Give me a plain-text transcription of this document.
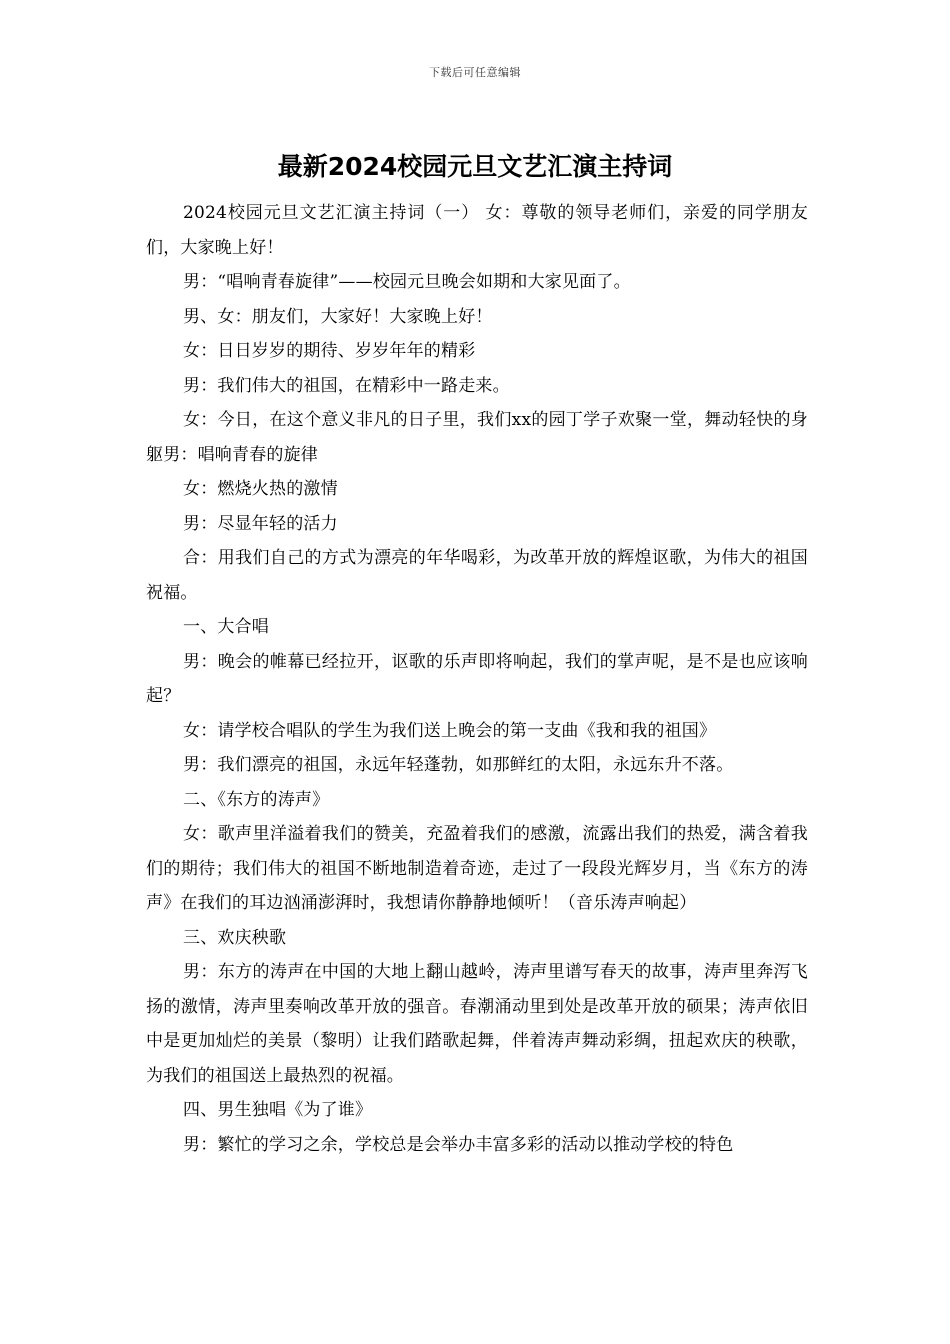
下载后可任意编辑
最新2024校园元旦文艺汇演主持词

2024校园元旦文艺汇演主持词（一） 女：尊敬的领导老师们，亲爱的同学朋友们，大家晚上好！

男：“唱响青春旋律”——校园元旦晚会如期和大家见面了。

男、女：朋友们，大家好！大家晚上好！

女：日日岁岁的期待、岁岁年年的精彩

男：我们伟大的祖国，在精彩中一路走来。

女：今日，在这个意义非凡的日子里，我们xx的园丁学子欢聚一堂，舞动轻快的身躯男：唱响青春的旋律

女：燃烧火热的激情

男：尽显年轻的活力

合：用我们自己的方式为漂亮的年华喝彩，为改革开放的辉煌讴歌，为伟大的祖国祝福。

一、大合唱

男：晚会的帷幕已经拉开，讴歌的乐声即将响起，我们的掌声呢，是不是也应该响起？

女：请学校合唱队的学生为我们送上晚会的第一支曲《我和我的祖国》

男：我们漂亮的祖国，永远年轻蓬勃，如那鲜红的太阳，永远东升不落。

二、《东方的涛声》

女：歌声里洋溢着我们的赞美，充盈着我们的感激，流露出我们的热爱，满含着我们的期待；我们伟大的祖国不断地制造着奇迹，走过了一段段光辉岁月，当《东方的涛声》在我们的耳边汹涌澎湃时，我想请你静静地倾听！（音乐涛声响起）

三、欢庆秧歌

男：东方的涛声在中国的大地上翻山越岭，涛声里谱写春天的故事，涛声里奔泻飞扬的激情，涛声里奏响改革开放的强音。春潮涌动里到处是改革开放的硕果；涛声依旧中是更加灿烂的美景（黎明）让我们踏歌起舞，伴着涛声舞动彩绸，扭起欢庆的秧歌，为我们的祖国送上最热烈的祝福。

四、男生独唱《为了谁》

男：繁忙的学习之余，学校总是会举办丰富多彩的活动以推动学校的特色
